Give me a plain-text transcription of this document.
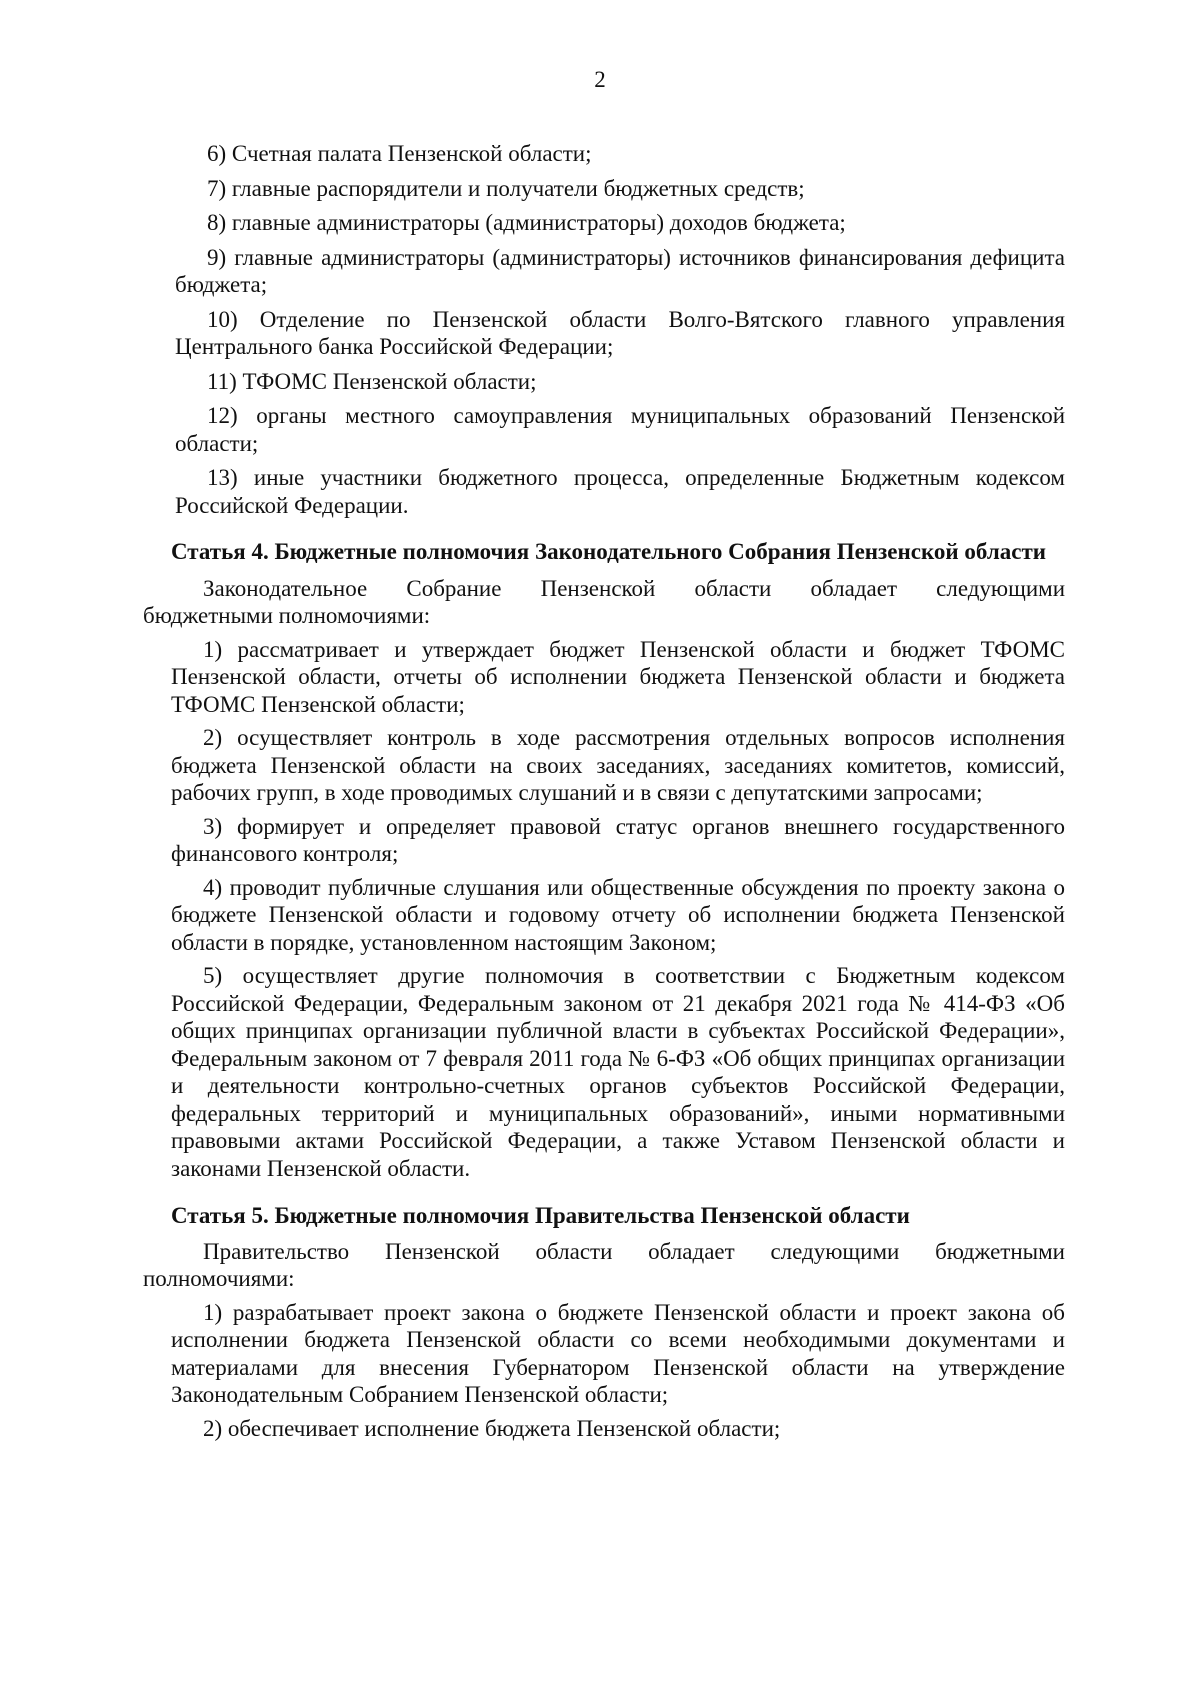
2

6) Счетная палата Пензенской области;

7) главные распорядители и получатели бюджетных средств;

8) главные администраторы (администраторы) доходов бюджета;

9) главные администраторы (администраторы) источников финансирования дефицита бюджета;

10) Отделение по Пензенской области Волго-Вятского главного управления Центрального банка Российской Федерации;

11) ТФОМС Пензенской области;

12) органы местного самоуправления муниципальных образований Пензенской области;

13) иные участники бюджетного процесса, определенные Бюджетным кодексом Российской Федерации.

Статья 4. Бюджетные полномочия Законодательного Собрания Пензенской области

Законодательное Собрание Пензенской области обладает следующими
бюджетными полномочиями:

1) рассматривает и утверждает бюджет Пензенской области и бюджет ТФОМС Пензенской области, отчеты об исполнении бюджета Пензенской области и бюджета ТФОМС Пензенской области;

2) осуществляет контроль в ходе рассмотрения отдельных вопросов исполнения бюджета Пензенской области на своих заседаниях, заседаниях комитетов, комиссий, рабочих групп, в ходе проводимых слушаний и в связи с депутатскими запросами;

3) формирует и определяет правовой статус органов внешнего государственного финансового контроля;

4) проводит публичные слушания или общественные обсуждения по проекту закона о бюджете Пензенской области и годовому отчету об исполнении бюджета Пензенской области в порядке, установленном настоящим Законом;

5) осуществляет другие полномочия в соответствии с Бюджетным кодексом Российской Федерации, Федеральным законом от 21 декабря 2021 года № 414-ФЗ «Об общих принципах организации публичной власти в субъектах Российской Федерации», Федеральным законом от 7 февраля 2011 года № 6-ФЗ «Об общих принципах организации и деятельности контрольно-счетных органов субъектов Российской Федерации, федеральных территорий и муниципальных образований», иными нормативными правовыми актами Российской Федерации, а также Уставом Пензенской области и законами Пензенской области.

Статья 5. Бюджетные полномочия Правительства Пензенской области

Правительство Пензенской области обладает следующими бюджетными
полномочиями:

1) разрабатывает проект закона о бюджете Пензенской области и проект закона об исполнении бюджета Пензенской области со всеми необходимыми документами и материалами для внесения Губернатором Пензенской области на утверждение Законодательным Собранием Пензенской области;

2) обеспечивает исполнение бюджета Пензенской области;
